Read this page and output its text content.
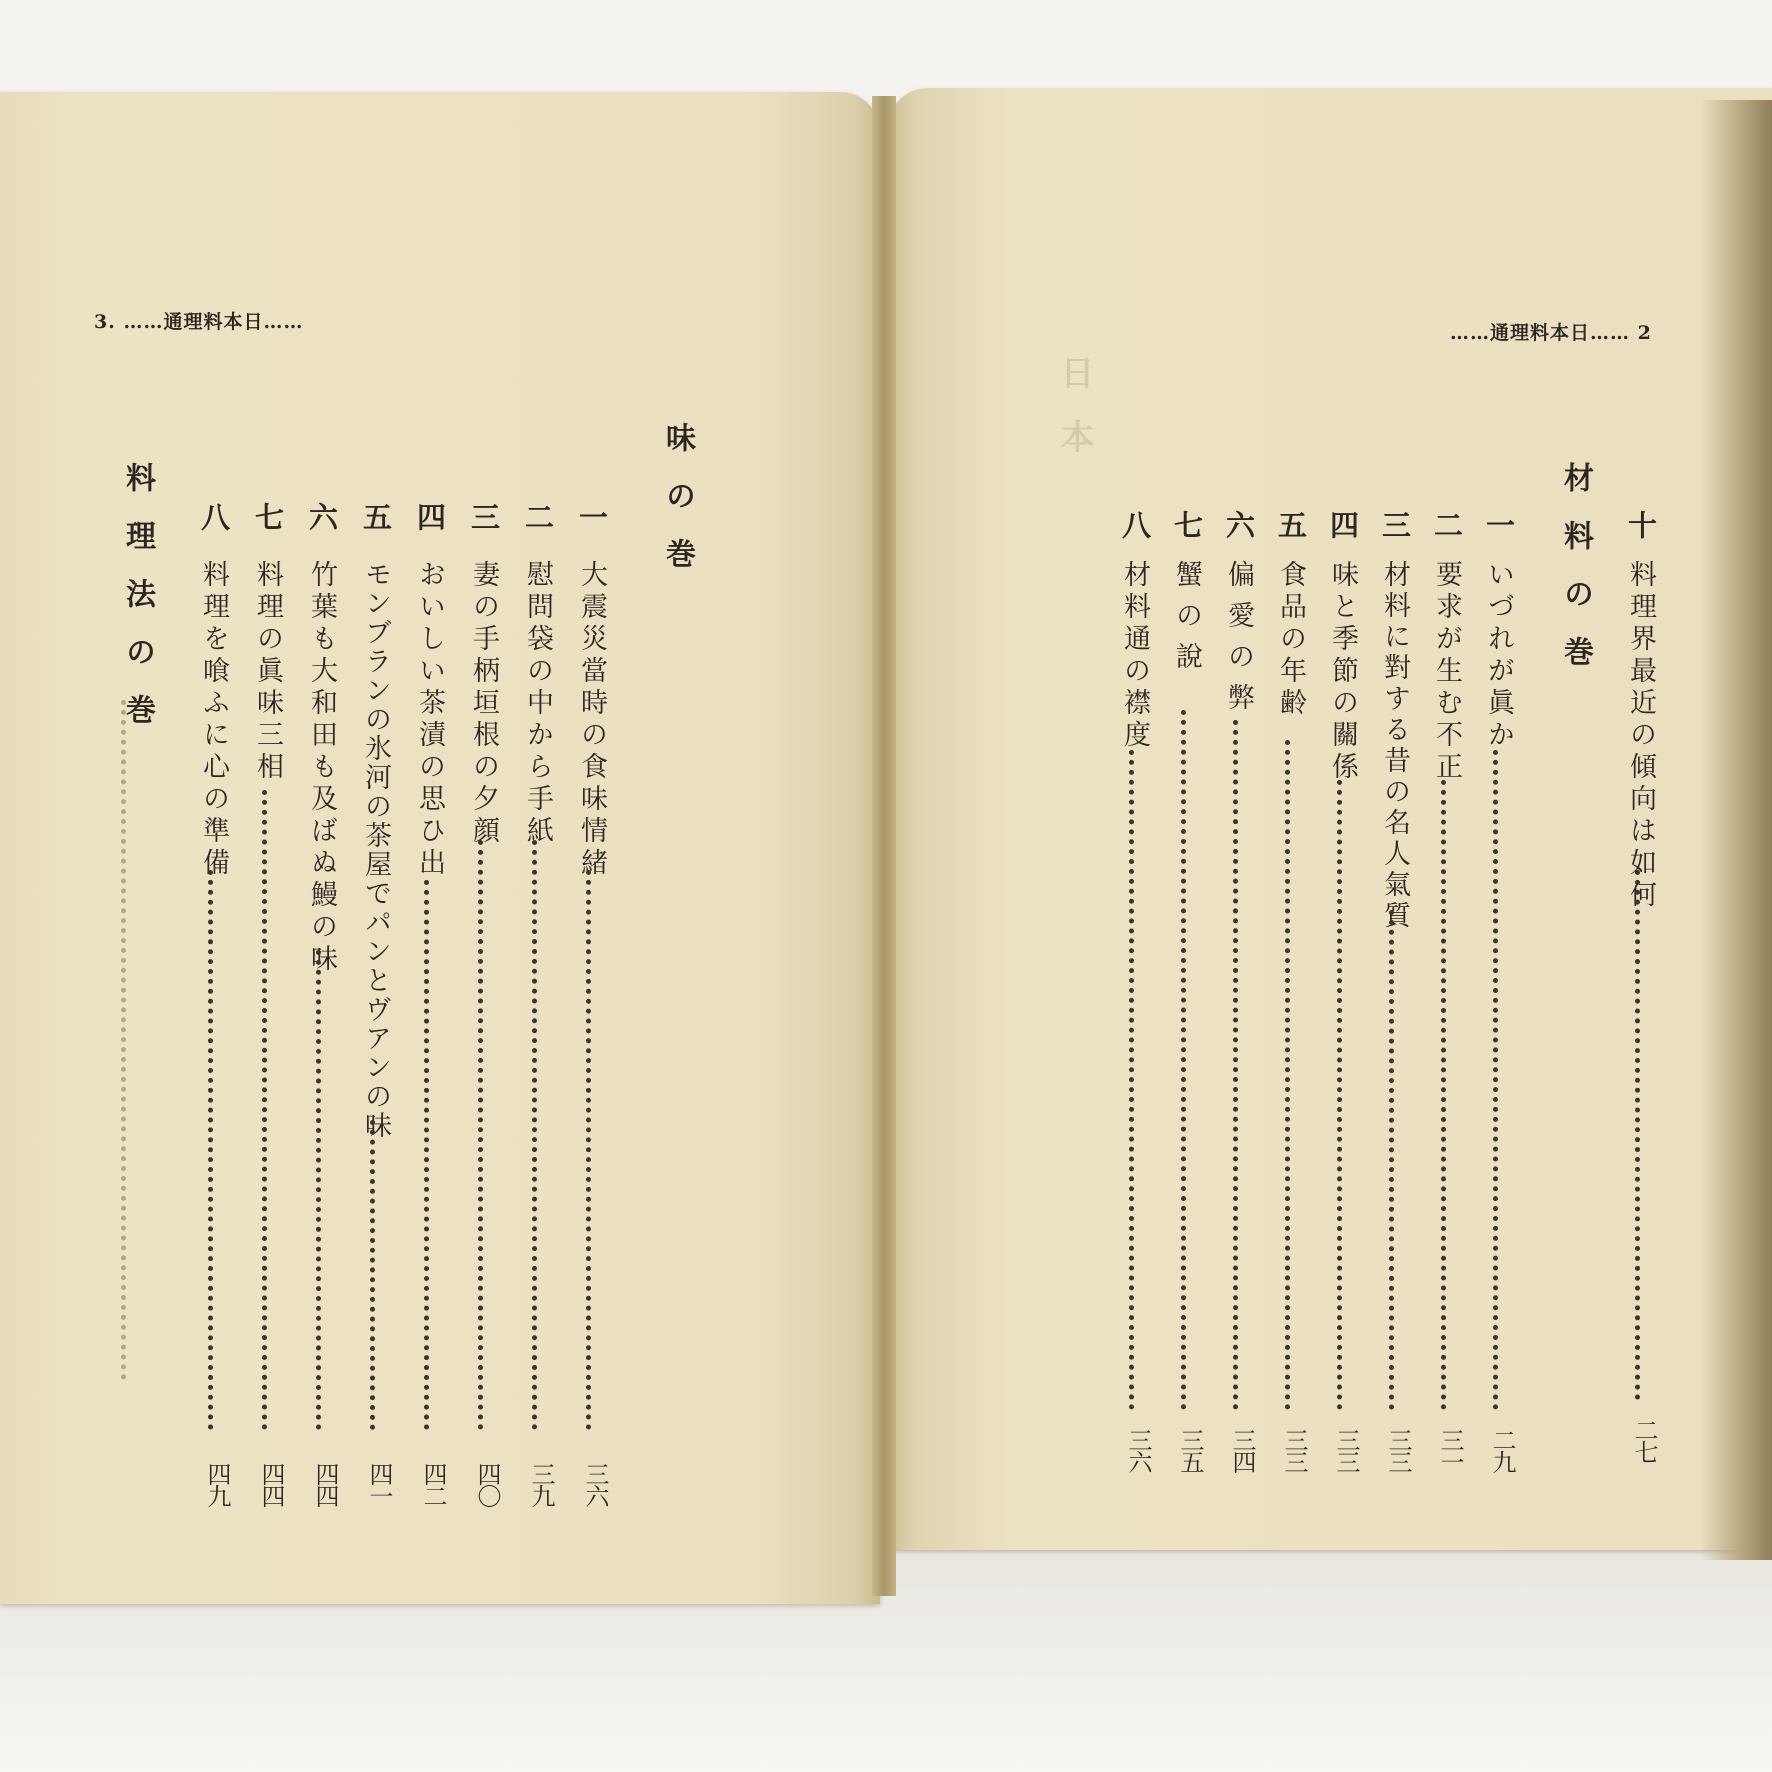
日本
3. ……通理料本日……
味の巻
料理法の巻	一
大震災當時の食味情緒
三六
二
慰問袋の中から手紙
三九
三
妻の手柄垣根の夕顔
四〇
四
おいしい茶漬の思ひ出
四二
五
モンブランの氷河の茶屋でパンとヴアンの味
四一
六
竹葉も大和田も及ばぬ鰻の味
四四
七
料理の眞味三相
四四
八
料理を喰ふに心の準備
四九
……通理料本日…… 2
十
料理界最近の傾向は如何
二七
材料の巻
一
いづれが眞か
二九
二
要求が生む不正
三一
三
材料に對する昔の名人氣質
三三
四
味と季節の關係
三三
五
食品の年齢
三三
六
偏愛の弊
三四
七
蟹の說
三五
八
材料通の襟度
三六
